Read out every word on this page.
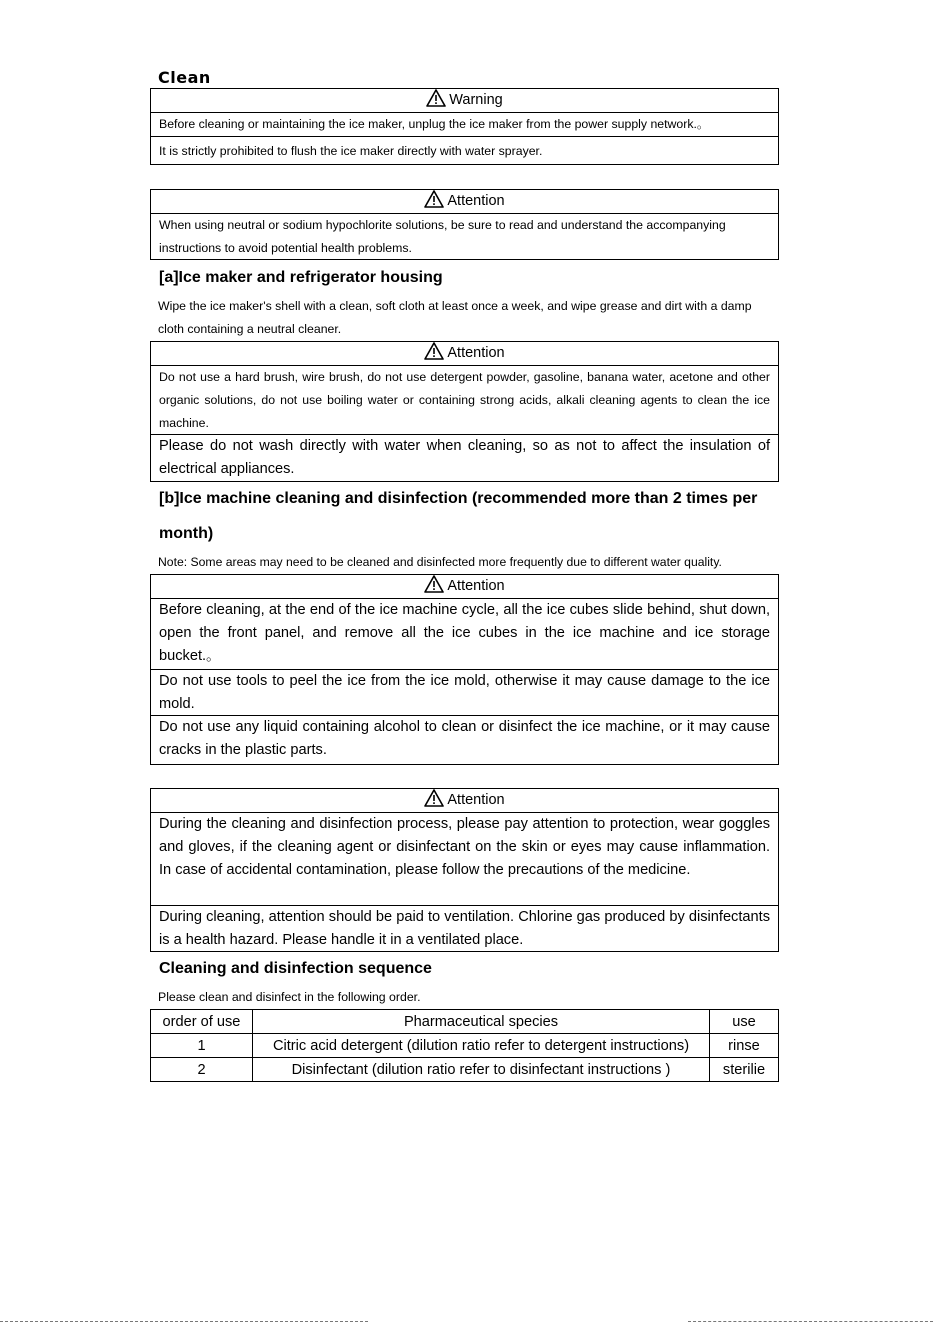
Clean
Warning
Before cleaning or maintaining the ice maker, unplug the ice maker from the power supply network.。
It is strictly prohibited to flush the ice maker directly with water sprayer.
Attention
When using neutral or sodium hypochlorite solutions, be sure to read and understand the accompanying instructions to avoid potential health problems.
[a]Ice maker and refrigerator housing
Wipe the ice maker's shell with a clean, soft cloth at least once a week, and wipe grease and dirt with a damp cloth containing a neutral cleaner.
Attention
Do not use a hard brush, wire brush, do not use detergent powder, gasoline, banana water, acetone and other organic solutions, do not use boiling water or containing strong acids, alkali cleaning agents to clean the ice machine.
Please do not wash directly with water when cleaning, so as not to affect the insulation of electrical appliances.
[b]Ice machine cleaning and disinfection (recommended more than 2 times per
month)
Note: Some areas may need to be cleaned and disinfected more frequently due to different water quality.
Attention
Before cleaning, at the end of the ice machine cycle, all the ice cubes slide behind, shut down, open the front panel, and remove all the ice cubes in the ice machine and ice storage bucket.。
Do not use tools to peel the ice from the ice mold, otherwise it may cause damage to the ice mold.
Do not use any liquid containing alcohol to clean or disinfect the ice machine, or it may cause cracks in the plastic parts.
Attention
During the cleaning and disinfection process, please pay attention to protection, wear goggles and gloves, if the cleaning agent or disinfectant on the skin or eyes may cause inflammation. In case of accidental contamination, please follow the precautions of the medicine.
During cleaning, attention should be paid to ventilation. Chlorine gas produced by disinfectants is a health hazard. Please handle it in a ventilated place.
Cleaning and disinfection sequence
Please clean and disinfect in the following order.
order of use	Pharmaceutical species	use
1	Citric acid detergent (dilution ratio refer to detergent instructions)	rinse
2	Disinfectant (dilution ratio refer to disinfectant instructions )	sterilie
